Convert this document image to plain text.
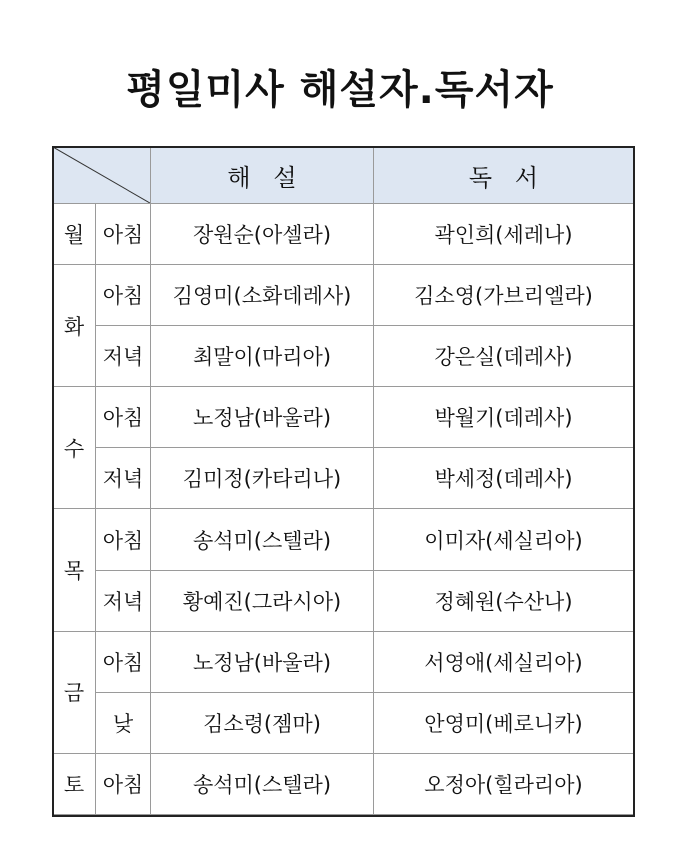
평일미사 해설자.독서자
	해   설	독   서
월	아침	장원순(아셀라)	곽인희(세레나)
화	아침	김영미(소화데레사)	김소영(가브리엘라)
	저녁	최말이(마리아)	강은실(데레사)
수	아침	노정남(바울라)	박월기(데레사)
	저녁	김미정(카타리나)	박세정(데레사)
목	아침	송석미(스텔라)	이미자(세실리아)
	저녁	황예진(그라시아)	정혜원(수산나)
금	아침	노정남(바울라)	서영애(세실리아)
	낮	김소령(젬마)	안영미(베로니카)
토	아침	송석미(스텔라)	오정아(힐라리아)
